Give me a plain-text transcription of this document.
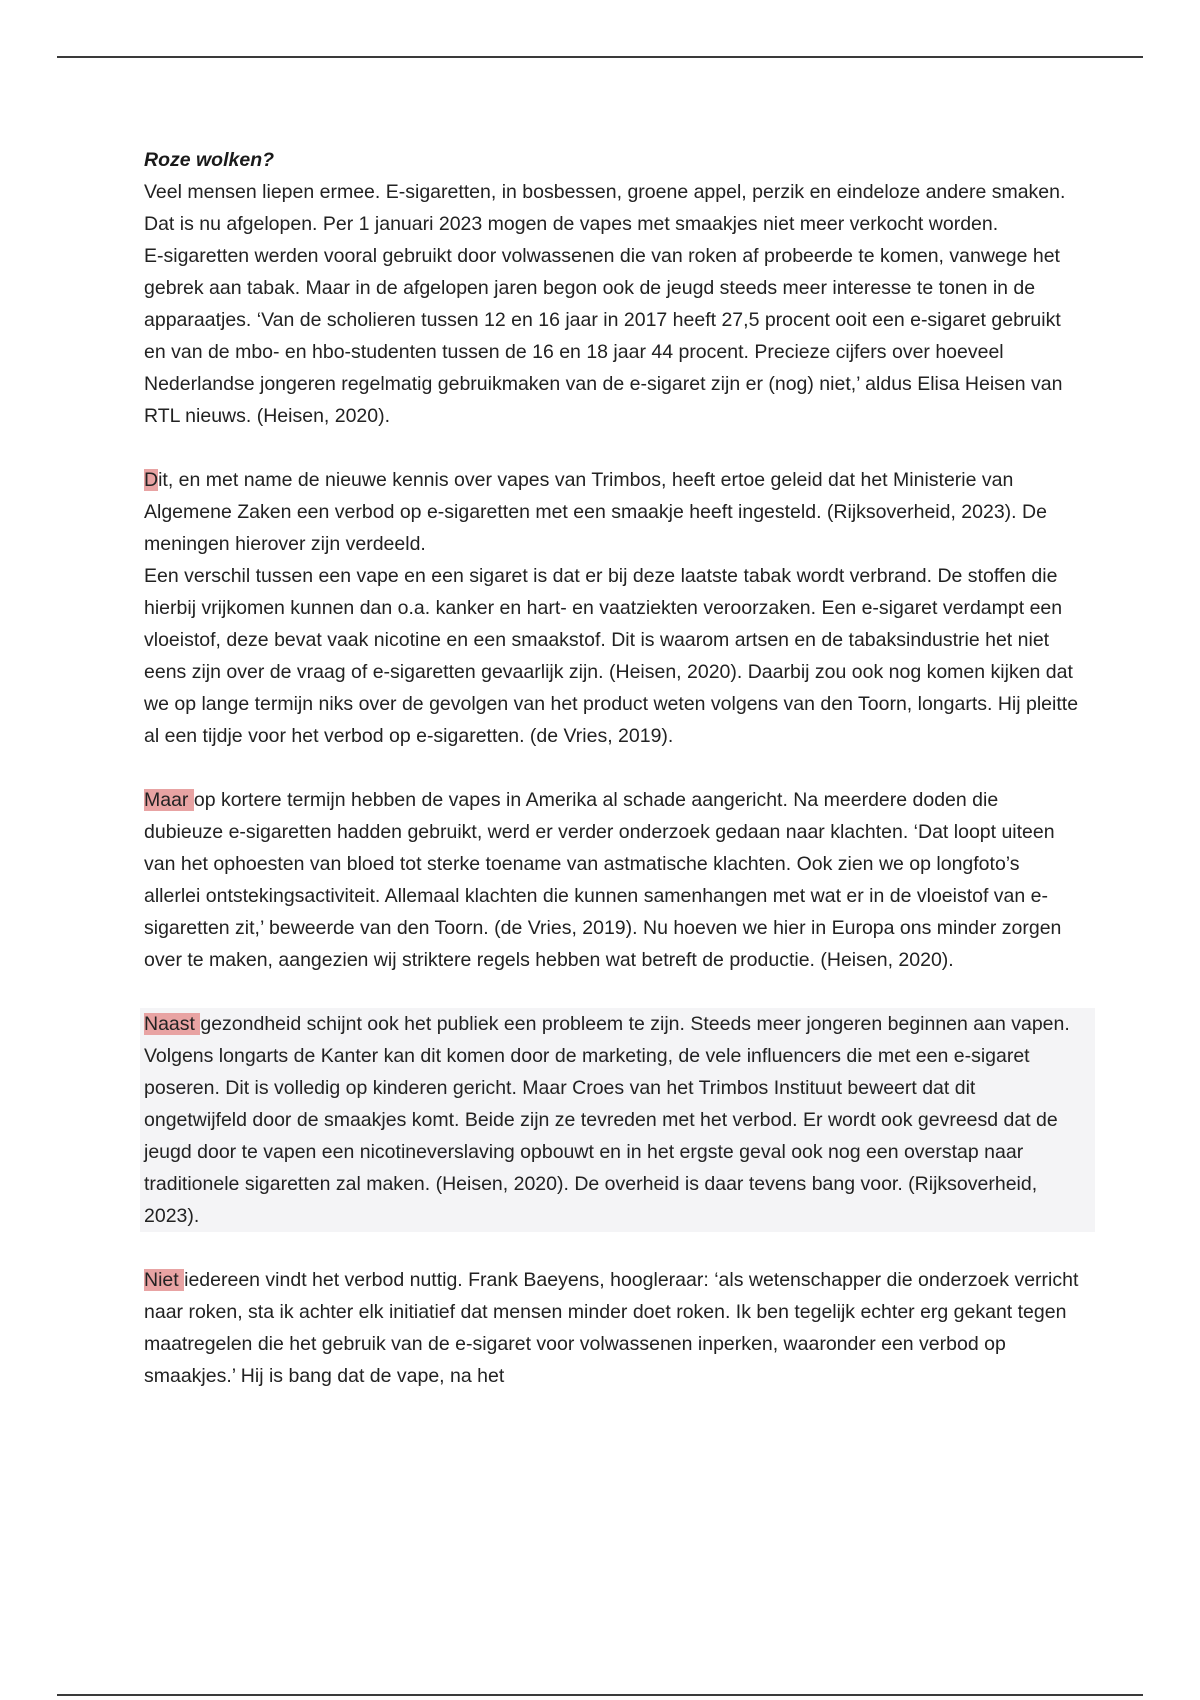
Roze wolken?

Veel mensen liepen ermee. E-sigaretten, in bosbessen, groene appel, perzik en eindeloze andere smaken. Dat is nu afgelopen. Per 1 januari 2023 mogen de vapes met smaakjes niet meer verkocht worden.

E-sigaretten werden vooral gebruikt door volwassenen die van roken af probeerde te komen, vanwege het gebrek aan tabak. Maar in de afgelopen jaren begon ook de jeugd steeds meer interesse te tonen in de apparaatjes. ‘Van de scholieren tussen 12 en 16 jaar in 2017 heeft 27,5 procent ooit een e-sigaret gebruikt en van de mbo- en hbo-studenten tussen de 16 en 18 jaar 44 procent. Precieze cijfers over hoeveel Nederlandse jongeren regelmatig gebruikmaken van de e-sigaret zijn er (nog) niet,’ aldus Elisa Heisen van RTL nieuws. (Heisen, 2020).

Dit, en met name de nieuwe kennis over vapes van Trimbos, heeft ertoe geleid dat het Ministerie van Algemene Zaken een verbod op e-sigaretten met een smaakje heeft ingesteld. (Rijksoverheid, 2023). De meningen hierover zijn verdeeld.

Een verschil tussen een vape en een sigaret is dat er bij deze laatste tabak wordt verbrand. De stoffen die hierbij vrijkomen kunnen dan o.a. kanker en hart- en vaatziekten veroorzaken. Een e-sigaret verdampt een vloeistof, deze bevat vaak nicotine en een smaakstof. Dit is waarom artsen en de tabaksindustrie het niet eens zijn over de vraag of e-sigaretten gevaarlijk zijn. (Heisen, 2020). Daarbij zou ook nog komen kijken dat we op lange termijn niks over de gevolgen van het product weten volgens van den Toorn, longarts. Hij pleitte al een tijdje voor het verbod op e-sigaretten. (de Vries, 2019).

Maar op kortere termijn hebben de vapes in Amerika al schade aangericht. Na meerdere doden die dubieuze e-sigaretten hadden gebruikt, werd er verder onderzoek gedaan naar klachten. ‘Dat loopt uiteen van het ophoesten van bloed tot sterke toename van astmatische klachten. Ook zien we op longfoto’s allerlei ontstekingsactiviteit. Allemaal klachten die kunnen samenhangen met wat er in de vloeistof van e-sigaretten zit,’ beweerde van den Toorn. (de Vries, 2019). Nu hoeven we hier in Europa ons minder zorgen over te maken, aangezien wij striktere regels hebben wat betreft de productie. (Heisen, 2020).

Naast gezondheid schijnt ook het publiek een probleem te zijn. Steeds meer jongeren beginnen aan vapen. Volgens longarts de Kanter kan dit komen door de marketing, de vele influencers die met een e-sigaret poseren. Dit is volledig op kinderen gericht. Maar Croes van het Trimbos Instituut beweert dat dit ongetwijfeld door de smaakjes komt. Beide zijn ze tevreden met het verbod. Er wordt ook gevreesd dat de jeugd door te vapen een nicotineverslaving opbouwt en in het ergste geval ook nog een overstap naar traditionele sigaretten zal maken. (Heisen, 2020). De overheid is daar tevens bang voor. (Rijksoverheid, 2023).

Niet iedereen vindt het verbod nuttig. Frank Baeyens, hoogleraar: ‘als wetenschapper die onderzoek verricht naar roken, sta ik achter elk initiatief dat mensen minder doet roken. Ik ben tegelijk echter erg gekant tegen maatregelen die het gebruik van de e-sigaret voor volwassenen inperken, waaronder een verbod op smaakjes.’ Hij is bang dat de vape, na het
